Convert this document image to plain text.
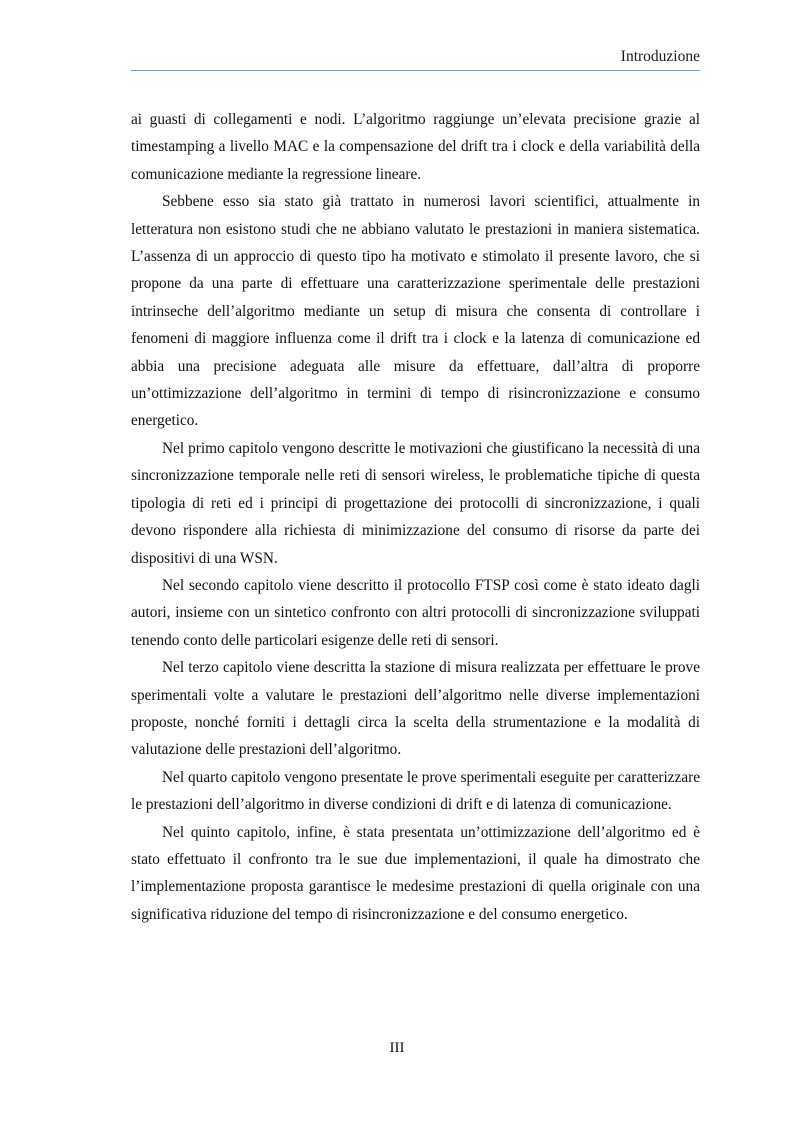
Introduzione

ai guasti di collegamenti e nodi. L’algoritmo raggiunge un’elevata precisione grazie al timestamping a livello MAC e la compensazione del drift tra i clock e della variabilità della comunicazione mediante la regressione lineare.

Sebbene esso sia stato già trattato in numerosi lavori scientifici, attualmente in letteratura non esistono studi che ne abbiano valutato le prestazioni in maniera sistematica. L’assenza di un approccio di questo tipo ha motivato e stimolato il presente lavoro, che si propone da una parte di effettuare una caratterizzazione sperimentale delle prestazioni intrinseche dell’algoritmo mediante un setup di misura che consenta di controllare i fenomeni di maggiore influenza come il drift tra i clock e la latenza di comunicazione ed abbia una precisione adeguata alle misure da effettuare, dall’altra di proporre un’ottimizzazione dell’algoritmo in termini di tempo di risincronizzazione e consumo energetico.

Nel primo capitolo vengono descritte le motivazioni che giustificano la necessità di una sincronizzazione temporale nelle reti di sensori wireless, le problematiche tipiche di questa tipologia di reti ed i principi di progettazione dei protocolli di sincronizzazione, i quali devono rispondere alla richiesta di minimizzazione del consumo di risorse da parte dei dispositivi di una WSN.

Nel secondo capitolo viene descritto il protocollo FTSP così come è stato ideato dagli autori, insieme con un sintetico confronto con altri protocolli di sincronizzazione sviluppati tenendo conto delle particolari esigenze delle reti di sensori.

Nel terzo capitolo viene descritta la stazione di misura realizzata per effettuare le prove sperimentali volte a valutare le prestazioni dell’algoritmo nelle diverse implementazioni proposte, nonché forniti i dettagli circa la scelta della strumentazione e la modalità di valutazione delle prestazioni dell’algoritmo.

Nel quarto capitolo vengono presentate le prove sperimentali eseguite per caratterizzare le prestazioni dell’algoritmo in diverse condizioni di drift e di latenza di comunicazione.

Nel quinto capitolo, infine, è stata presentata un’ottimizzazione dell’algoritmo ed è stato effettuato il confronto tra le sue due implementazioni, il quale ha dimostrato che l’implementazione proposta garantisce le medesime prestazioni di quella originale con una significativa riduzione del tempo di risincronizzazione e del consumo energetico.

III
